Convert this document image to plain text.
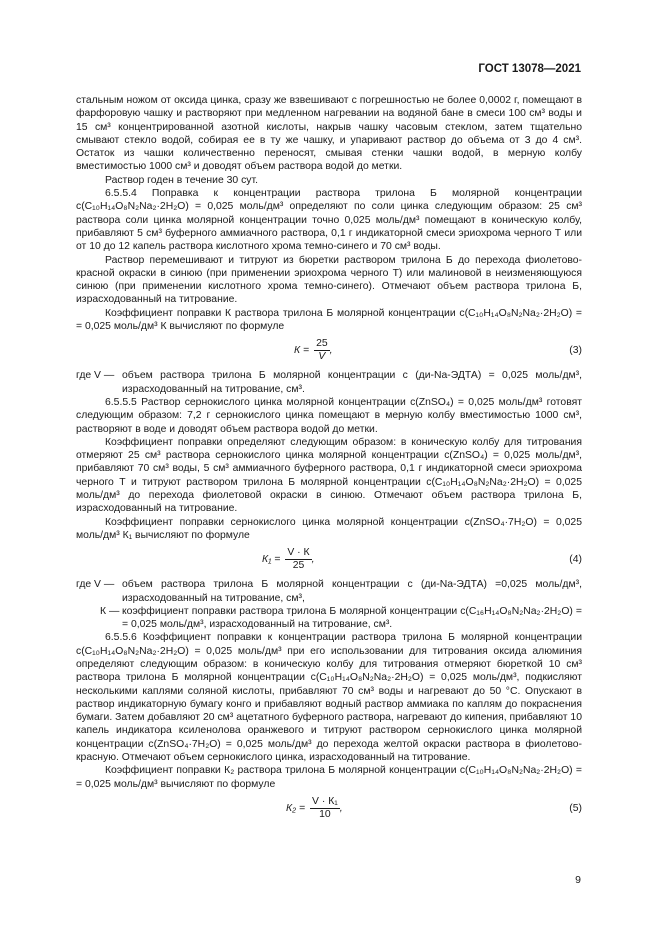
ГОСТ 13078—2021

стальным ножом от оксида цинка, сразу же взвешивают с погрешностью не более 0,0002 г, помещают в фарфоровую чашку и растворяют при медленном нагревании на водяной бане в смеси 100 см³ воды и 15 см³ концентрированной азотной кислоты, накрыв чашку часовым стеклом, затем тщательно смывают стекло водой, собирая ее в ту же чашку, и упаривают раствор до объема от 3 до 4 см³. Остаток из чашки количественно переносят, смывая стенки чашки водой, в мерную колбу вместимостью 1000 см³ и доводят объем раствора водой до метки.

Раствор годен в течение 30 сут.

6.5.5.4 Поправка к концентрации раствора трилона Б молярной концентрации c(C₁₀H₁₄O₈N₂Na₂·2H₂O) = 0,025 моль/дм³ определяют по соли цинка следующим образом: 25 см³ раствора соли цинка молярной концентрации точно 0,025 моль/дм³ помещают в коническую колбу, прибавляют 5 см³ буферного аммиачного раствора, 0,1 г индикаторной смеси эриохрома черного Т или от 10 до 12 капель раствора кислотного хрома темно-синего и 70 см³ воды.

Раствор перемешивают и титруют из бюретки раствором трилона Б до перехода фиолетово-красной окраски в синюю (при применении эриохрома черного Т) или малиновой в неизменяющуюся синюю (при применении кислотного хрома темно-синего). Отмечают объем раствора трилона Б, израсходованный на титрование.

Коэффициент поправки К раствора трилона Б молярной концентрации c(C₁₀H₁₄O₈N₂Na₂·2H₂O) = = 0,025 моль/дм³ К вычисляют по формуле

$К = \frac{25}{V}$ ,	(3)
где V — объем раствора трилона Б молярной концентрации c (ди-Na-ЭДТА) = 0,025 моль/дм³, израсходованный на титрование, см³.

6.5.5.5 Раствор сернокислого цинка молярной концентрации c(ZnSO₄) = 0,025 моль/дм³ готовят следующим образом: 7,2 г сернокислого цинка помещают в мерную колбу вместимостью 1000 см³, растворяют в воде и доводят объем раствора водой до метки.

Коэффициент поправки определяют следующим образом: в коническую колбу для титрования отмеряют 25 см³ раствора сернокислого цинка молярной концентрации c(ZnSO₄) = 0,025 моль/дм³, прибавляют 70 см³ воды, 5 см³ аммиачного буферного раствора, 0,1 г индикаторной смеси эриохрома черного Т и титруют раствором трилона Б молярной концентрации c(C₁₀H₁₄O₈N₂Na₂·2H₂O) = 0,025 моль/дм³ до перехода фиолетовой окраски в синюю. Отмечают объем раствора трилона Б, израсходованный на титрование.

Коэффициент поправки сернокислого цинка молярной концентрации c(ZnSO₄·7H₂O) = 0,025 моль/дм³ К₁ вычисляют по формуле

$К_1 = \frac{V \cdot К}{25}$ ,	(4)
где V — объем раствора трилона Б молярной концентрации c (ди-Na-ЭДТА) =0,025 моль/дм³, израсходованный на титрование, см³,
К — коэффициент поправки раствора трилона Б молярной концентрации c(C₁₆H₁₄O₈N₂Na₂·2H₂O) = = 0,025 моль/дм³, израсходованный на титрование, см³.

6.5.5.6 Коэффициент поправки к концентрации раствора трилона Б молярной концентрации c(C₁₀H₁₄O₈N₂Na₂·2H₂O) = 0,025 моль/дм³ при его использовании для титрования оксида алюминия определяют следующим образом: в коническую колбу для титрования отмеряют бюреткой 10 см³ раствора трилона Б молярной концентрации c(C₁₀H₁₄O₈N₂Na₂·2H₂O) = 0,025 моль/дм³, подкисляют несколькими каплями соляной кислоты, прибавляют 70 см³ воды и нагревают до 50 °С. Опускают в раствор индикаторную бумагу конго и прибавляют водный раствор аммиака по каплям до покраснения бумаги. Затем добавляют 20 см³ ацетатного буферного раствора, нагревают до кипения, прибавляют 10 капель индикатора ксиленолова оранжевого и титруют раствором сернокислого цинка молярной концентрации c(ZnSO₄·7H₂O) = 0,025 моль/дм³ до перехода желтой окраски раствора в фиолетово-красную. Отмечают объем сернокислого цинка, израсходованный на титрование.

Коэффициент поправки К₂ раствора трилона Б молярной концентрации c(C₁₀H₁₄O₈N₂Na₂·2H₂O) = = 0,025 моль/дм³ вычисляют по формуле

$К_2 = \frac{\text{V · К₁}}{10}$ ,	(5)
9
